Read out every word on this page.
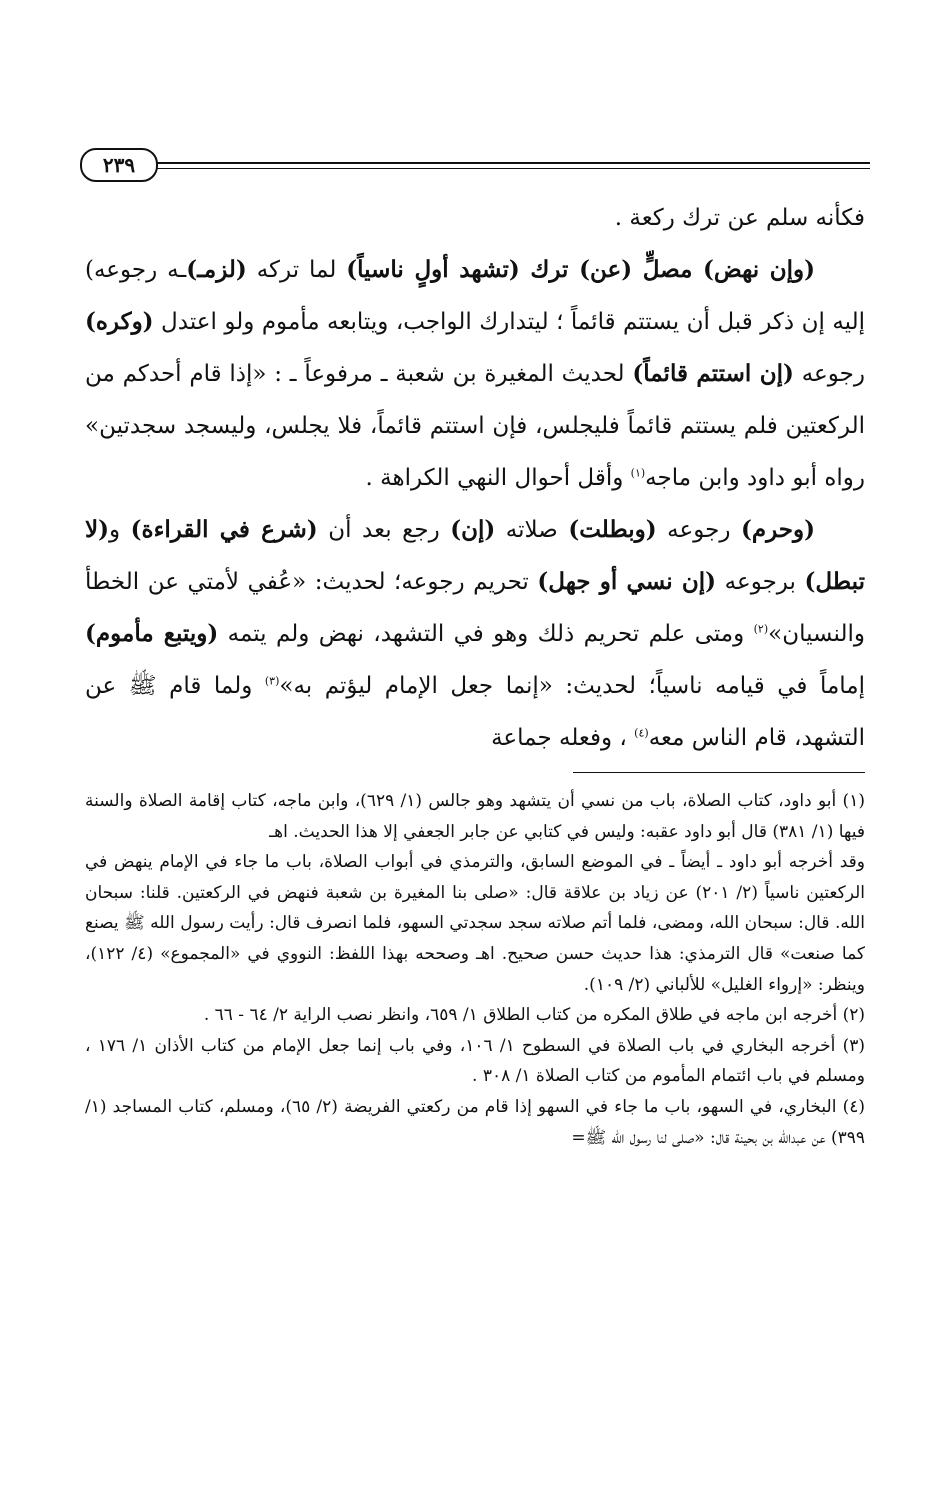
٢٣٩

فكأنه سلم عن ترك ركعة .

(وإن نهض) مصلٍّ (عن) ترك (تشهد أولٍ ناسياً) لما تركه (لزمـ)ـه رجوعه) إليه إن ذكر قبل أن يستتم قائماً ؛ ليتدارك الواجب، ويتابعه مأموم ولو اعتدل (وكره) رجوعه (إن استتم قائماً) لحديث المغيرة بن شعبة ـ مرفوعاً ـ : «إذا قام أحدكم من الركعتين فلم يستتم قائماً فليجلس، فإن استتم قائماً، فلا يجلس، وليسجد سجدتين» رواه أبو داود وابن ماجه$^{(١)}$ وأقل أحوال النهي الكراهة .

(وحرم) رجوعه (وبطلت) صلاته (إن) رجع بعد أن (شرع في القراءة) و(لا تبطل) برجوعه (إن نسي أو جهل) تحريم رجوعه؛ لحديث: «عُفي لأمتي عن الخطأ والنسيان»$^{(٢)}$ ومتى علم تحريم ذلك وهو في التشهد، نهض ولم يتمه (ويتبع مأموم) إماماً في قيامه ناسياً؛ لحديث: «إنما جعل الإمام ليؤتم به»$^{(٣)}$ ولما قام ﷺ عن التشهد، قام الناس معه$^{(٤)}$ ، وفعله جماعة

(١) أبو داود، كتاب الصلاة، باب من نسي أن يتشهد وهو جالس (١/ ٦٢٩)، وابن ماجه، كتاب إقامة الصلاة والسنة فيها (١/ ٣٨١) قال أبو داود عقبه: وليس في كتابي عن جابر الجعفي إلا هذا الحديث. اهـ

وقد أخرجه أبو داود ـ أيضاً ـ في الموضع السابق، والترمذي في أبواب الصلاة، باب ما جاء في الإمام ينهض في الركعتين ناسياً (٢/ ٢٠١) عن زياد بن علاقة قال: «صلى بنا المغيرة بن شعبة فنهض في الركعتين. قلنا: سبحان الله. قال: سبحان الله، ومضى، فلما أتم صلاته سجد سجدتي السهو، فلما انصرف قال: رأيت رسول الله ﷺ يصنع كما صنعت» قال الترمذي: هذا حديث حسن صحيح. اهـ وصححه بهذا اللفظ: النووي في «المجموع» (٤/ ١٢٢)، وينظر: «إرواء الغليل» للألباني (٢/ ١٠٩).

(٢) أخرجه ابن ماجه في طلاق المكره من كتاب الطلاق ١/ ٦٥٩، وانظر نصب الراية ٢/ ٦٤ - ٦٦ .

(٣) أخرجه البخاري في باب الصلاة في السطوح ١/ ١٠٦، وفي باب إنما جعل الإمام من كتاب الأذان ١/ ١٧٦ ، ومسلم في باب ائتمام المأموم من كتاب الصلاة ١/ ٣٠٨ .

(٤) البخاري، في السهو، باب ما جاء في السهو إذا قام من ركعتي الفريضة (٢/ ٦٥)، ومسلم، كتاب المساجد (١/ ٣٩٩) عن عبدالله بن بحينة قال: «صلى لنا رسول الله ﷺ=
